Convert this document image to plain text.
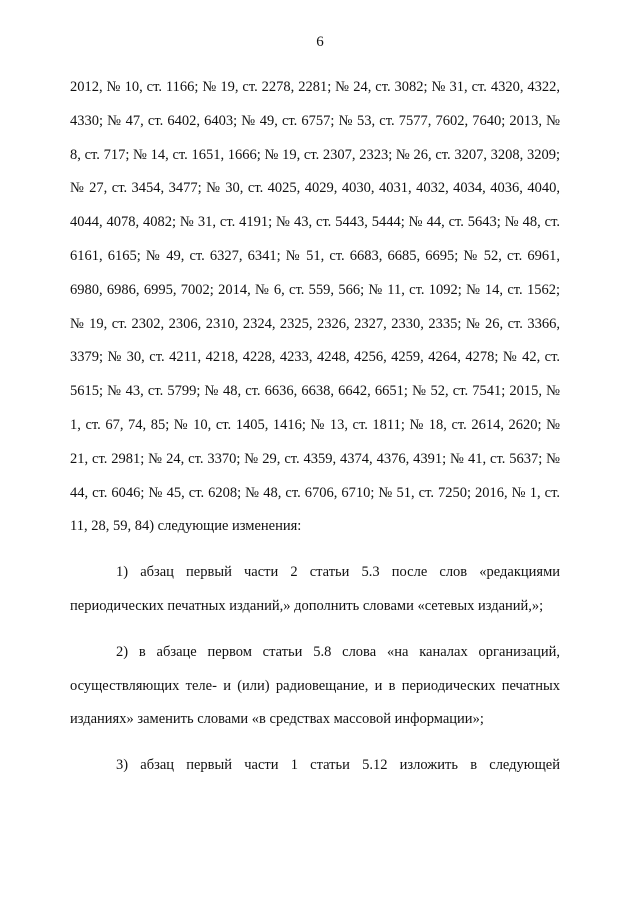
6

2012, № 10, ст. 1166; № 19, ст. 2278, 2281; № 24, ст. 3082; № 31, ст. 4320, 4322, 4330; № 47, ст. 6402, 6403; № 49, ст. 6757; № 53, ст. 7577, 7602, 7640; 2013, № 8, ст. 717; № 14, ст. 1651, 1666; № 19, ст. 2307, 2323; № 26, ст. 3207, 3208, 3209; № 27, ст. 3454, 3477; № 30, ст. 4025, 4029, 4030, 4031, 4032, 4034, 4036, 4040, 4044, 4078, 4082; № 31, ст. 4191; № 43, ст. 5443, 5444; № 44, ст. 5643; № 48, ст. 6161, 6165; № 49, ст. 6327, 6341; № 51, ст. 6683, 6685, 6695; № 52, ст. 6961, 6980, 6986, 6995, 7002; 2014, № 6, ст. 559, 566; № 11, ст. 1092; № 14, ст. 1562; № 19, ст. 2302, 2306, 2310, 2324, 2325, 2326, 2327, 2330, 2335; № 26, ст. 3366, 3379; № 30, ст. 4211, 4218, 4228, 4233, 4248, 4256, 4259, 4264, 4278; № 42, ст. 5615; № 43, ст. 5799; № 48, ст. 6636, 6638, 6642, 6651; № 52, ст. 7541; 2015, № 1, ст. 67, 74, 85; № 10, ст. 1405, 1416; № 13, ст. 1811; № 18, ст. 2614, 2620; № 21, ст. 2981; № 24, ст. 3370; № 29, ст. 4359, 4374, 4376, 4391; № 41, ст. 5637; № 44, ст. 6046; № 45, ст. 6208; № 48, ст. 6706, 6710; № 51, ст. 7250; 2016, № 1, ст. 11, 28, 59, 84) следующие изменения:

1) абзац первый части 2 статьи 5.3 после слов «редакциями периодических печатных изданий,» дополнить словами «сетевых изданий,»;

2) в абзаце первом статьи 5.8 слова «на каналах организаций, осуществляющих теле- и (или) радиовещание, и в периодических печатных изданиях» заменить словами «в средствах массовой информации»;

3) абзац первый части 1 статьи 5.12 изложить в следующей
